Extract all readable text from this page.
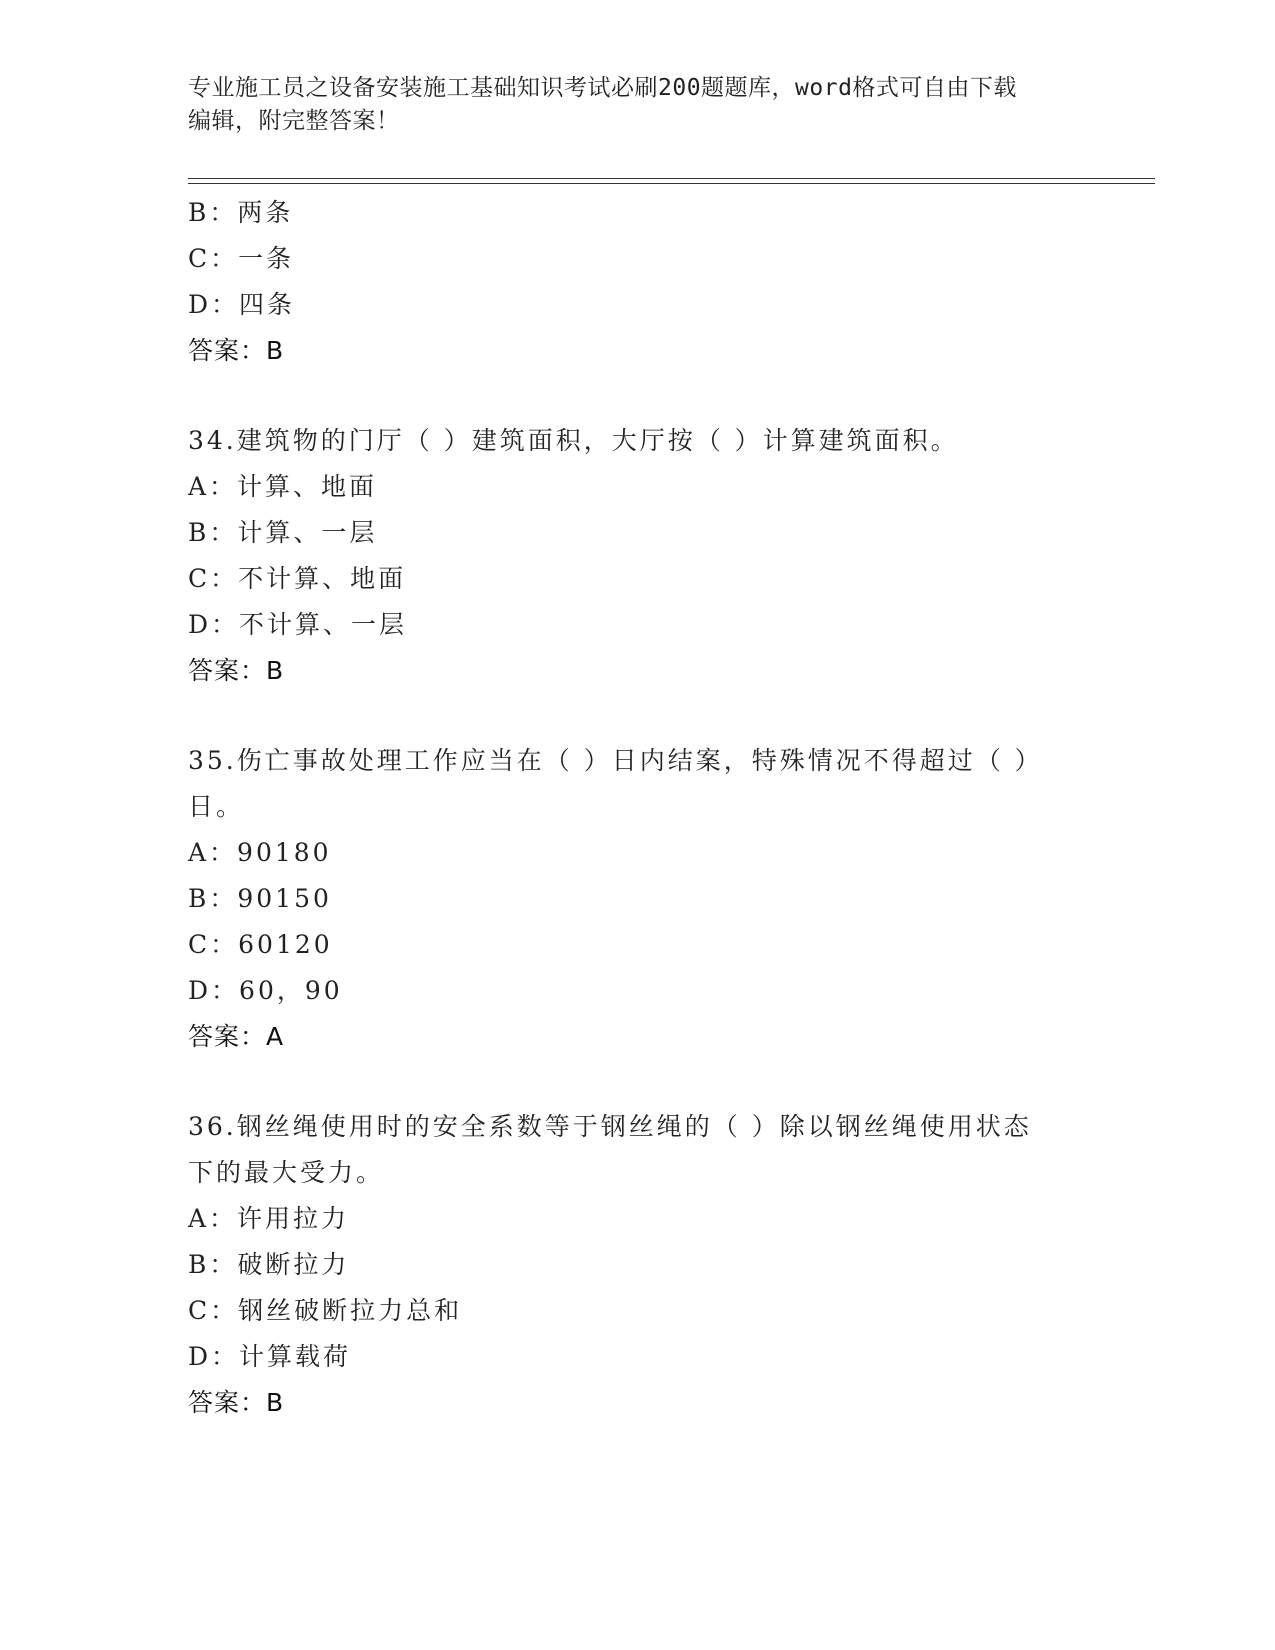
专业施工员之设备安装施工基础知识考试必刷200题题库，word格式可自由下载
编辑，附完整答案！
B：两条
C：一条
D：四条
答案：B
34.建筑物的门厅（ ）建筑面积，大厅按（ ）计算建筑面积。
A：计算、地面
B：计算、一层
C：不计算、地面
D：不计算、一层
答案：B
35.伤亡事故处理工作应当在（ ）日内结案，特殊情况不得超过（ ）
日。
A：90180
B：90150
C：60120
D：60，90
答案：A
36.钢丝绳使用时的安全系数等于钢丝绳的（ ）除以钢丝绳使用状态
下的最大受力。
A：许用拉力
B：破断拉力
C：钢丝破断拉力总和
D：计算载荷
答案：B
